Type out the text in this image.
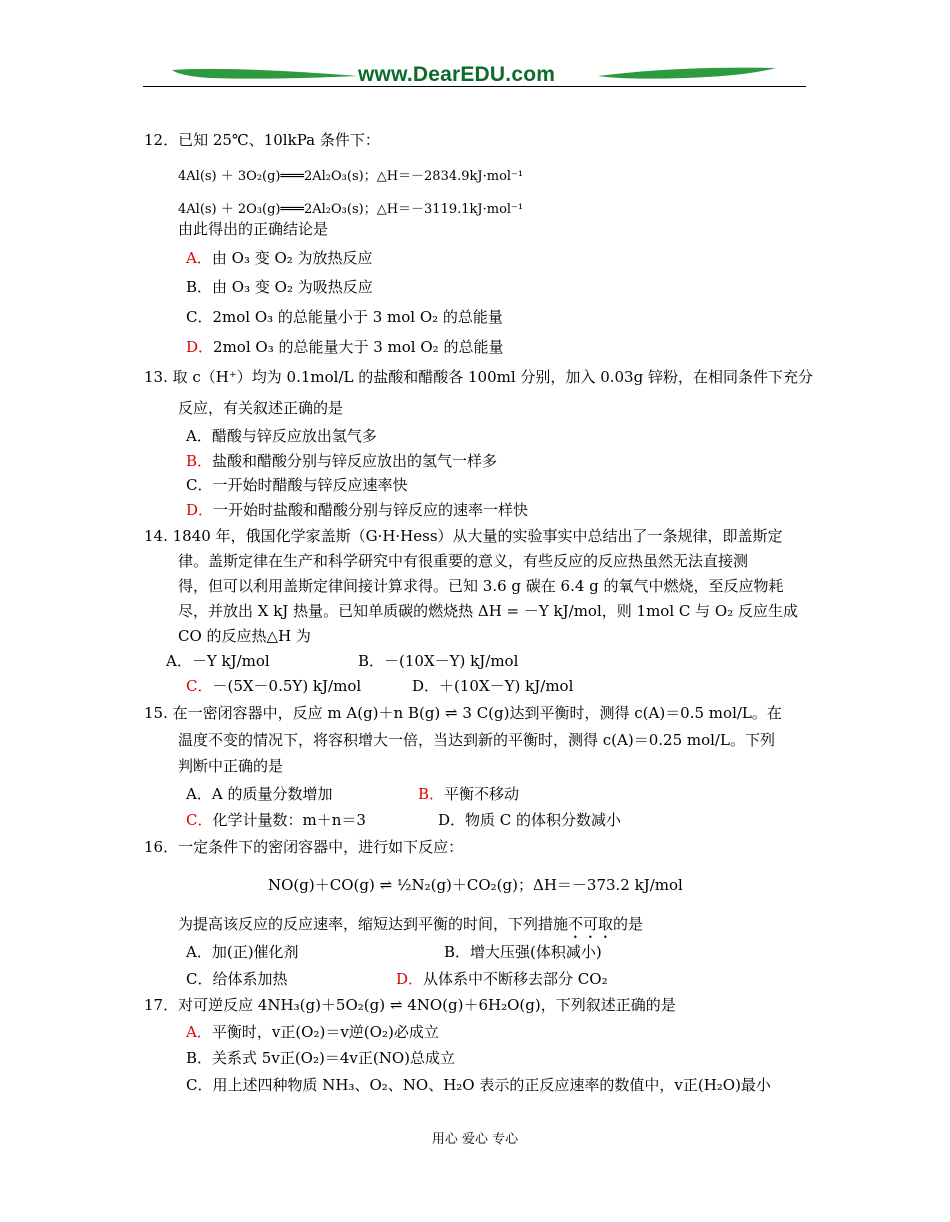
www.DearEDU.com
12．已知 25℃、10lkPa 条件下：
4Al(s) ＋ 3O₂(g)═══2Al₂O₃(s)；△H＝－2834.9kJ·mol⁻¹
4Al(s) ＋ 2O₃(g)═══2Al₂O₃(s)；△H＝－3119.1kJ·mol⁻¹
由此得出的正确结论是
A．由 O₃ 变 O₂ 为放热反应
B．由 O₃ 变 O₂ 为吸热反应
C．2mol O₃ 的总能量小于 3 mol O₂ 的总能量
D．2mol O₃ 的总能量大于 3 mol O₂ 的总能量
13. 取 c（H⁺）均为 0.1mol/L 的盐酸和醋酸各 100ml 分别，加入 0.03g 锌粉，在相同条件下充分
反应，有关叙述正确的是
A．醋酸与锌反应放出氢气多
B．盐酸和醋酸分别与锌反应放出的氢气一样多
C．一开始时醋酸与锌反应速率快
D．一开始时盐酸和醋酸分别与锌反应的速率一样快
14. 1840 年，俄国化学家盖斯（G·H·Hess）从大量的实验事实中总结出了一条规律，即盖斯定
律。盖斯定律在生产和科学研究中有很重要的意义，有些反应的反应热虽然无法直接测
得，但可以利用盖斯定律间接计算求得。已知 3.6 g 碳在 6.4 g 的氧气中燃烧，至反应物耗
尽，并放出 X kJ 热量。已知单质碳的燃烧热 ΔH = －Y kJ/mol，则 1mol C 与 O₂ 反应生成
CO 的反应热△H 为
A．－Y kJ/mol	B．－(10X－Y) kJ/mol
C．－(5X－0.5Y) kJ/mol	D．＋(10X－Y) kJ/mol
15. 在一密闭容器中，反应 m A(g)＋n B(g) ⇌ 3 C(g)达到平衡时，测得 c(A)＝0.5 mol/L。在
温度不变的情况下，将容积增大一倍，当达到新的平衡时，测得 c(A)＝0.25 mol/L。下列
判断中正确的是
A．A 的质量分数增加	B．平衡不移动
C．化学计量数：m＋n＝3	D．物质 C 的体积分数减小
16．一定条件下的密闭容器中，进行如下反应：
NO(g)＋CO(g) ⇌ ½N₂(g)＋CO₂(g)；ΔH＝－373.2 kJ/mol
为提高该反应的反应速率，缩短达到平衡的时间，下列措施不可取的是
A．加(正)催化剂	B．增大压强(体积减小)
C．给体系加热	D．从体系中不断移去部分 CO₂
17．对可逆反应 4NH₃(g)＋5O₂(g) ⇌ 4NO(g)＋6H₂O(g)，下列叙述正确的是
A．平衡时，v正(O₂)＝v逆(O₂)必成立
B．关系式 5v正(O₂)＝4v正(NO)总成立
C．用上述四种物质 NH₃、O₂、NO、H₂O 表示的正反应速率的数值中，v正(H₂O)最小
用心 爱心 专心
